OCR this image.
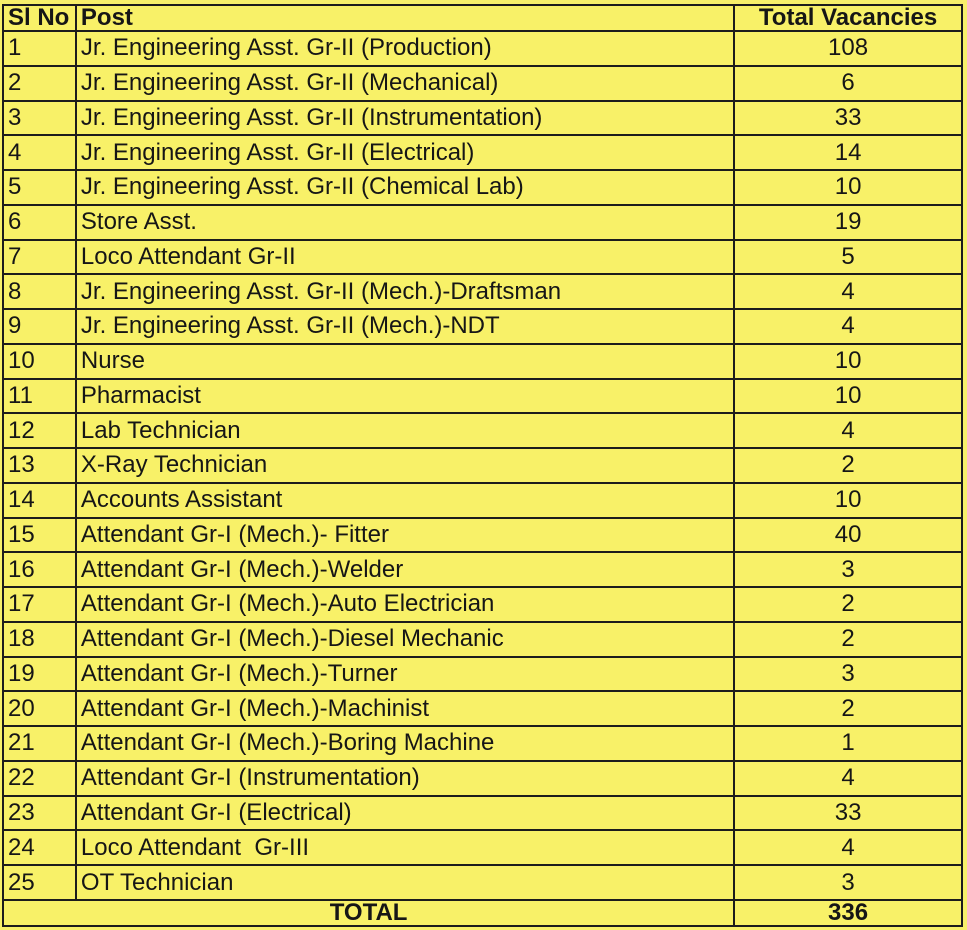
Sl No	Post	Total Vacancies
1	Jr. Engineering Asst. Gr-II (Production)	108
2	Jr. Engineering Asst. Gr-II (Mechanical)	6
3	Jr. Engineering Asst. Gr-II (Instrumentation)	33
4	Jr. Engineering Asst. Gr-II (Electrical)	14
5	Jr. Engineering Asst. Gr-II (Chemical Lab)	10
6	Store Asst.	19
7	Loco Attendant Gr-II	5
8	Jr. Engineering Asst. Gr-II (Mech.)-Draftsman	4
9	Jr. Engineering Asst. Gr-II (Mech.)-NDT	4
10	Nurse	10
11	Pharmacist	10
12	Lab Technician	4
13	X-Ray Technician	2
14	Accounts Assistant	10
15	Attendant Gr-I (Mech.)- Fitter	40
16	Attendant Gr-I (Mech.)-Welder	3
17	Attendant Gr-I (Mech.)-Auto Electrician	2
18	Attendant Gr-I (Mech.)-Diesel Mechanic	2
19	Attendant Gr-I (Mech.)-Turner	3
20	Attendant Gr-I (Mech.)-Machinist	2
21	Attendant Gr-I (Mech.)-Boring Machine	1
22	Attendant Gr-I (Instrumentation)	4
23	Attendant Gr-I (Electrical)	33
24	Loco Attendant  Gr-III	4
25	OT Technician	3
TOTAL		336
